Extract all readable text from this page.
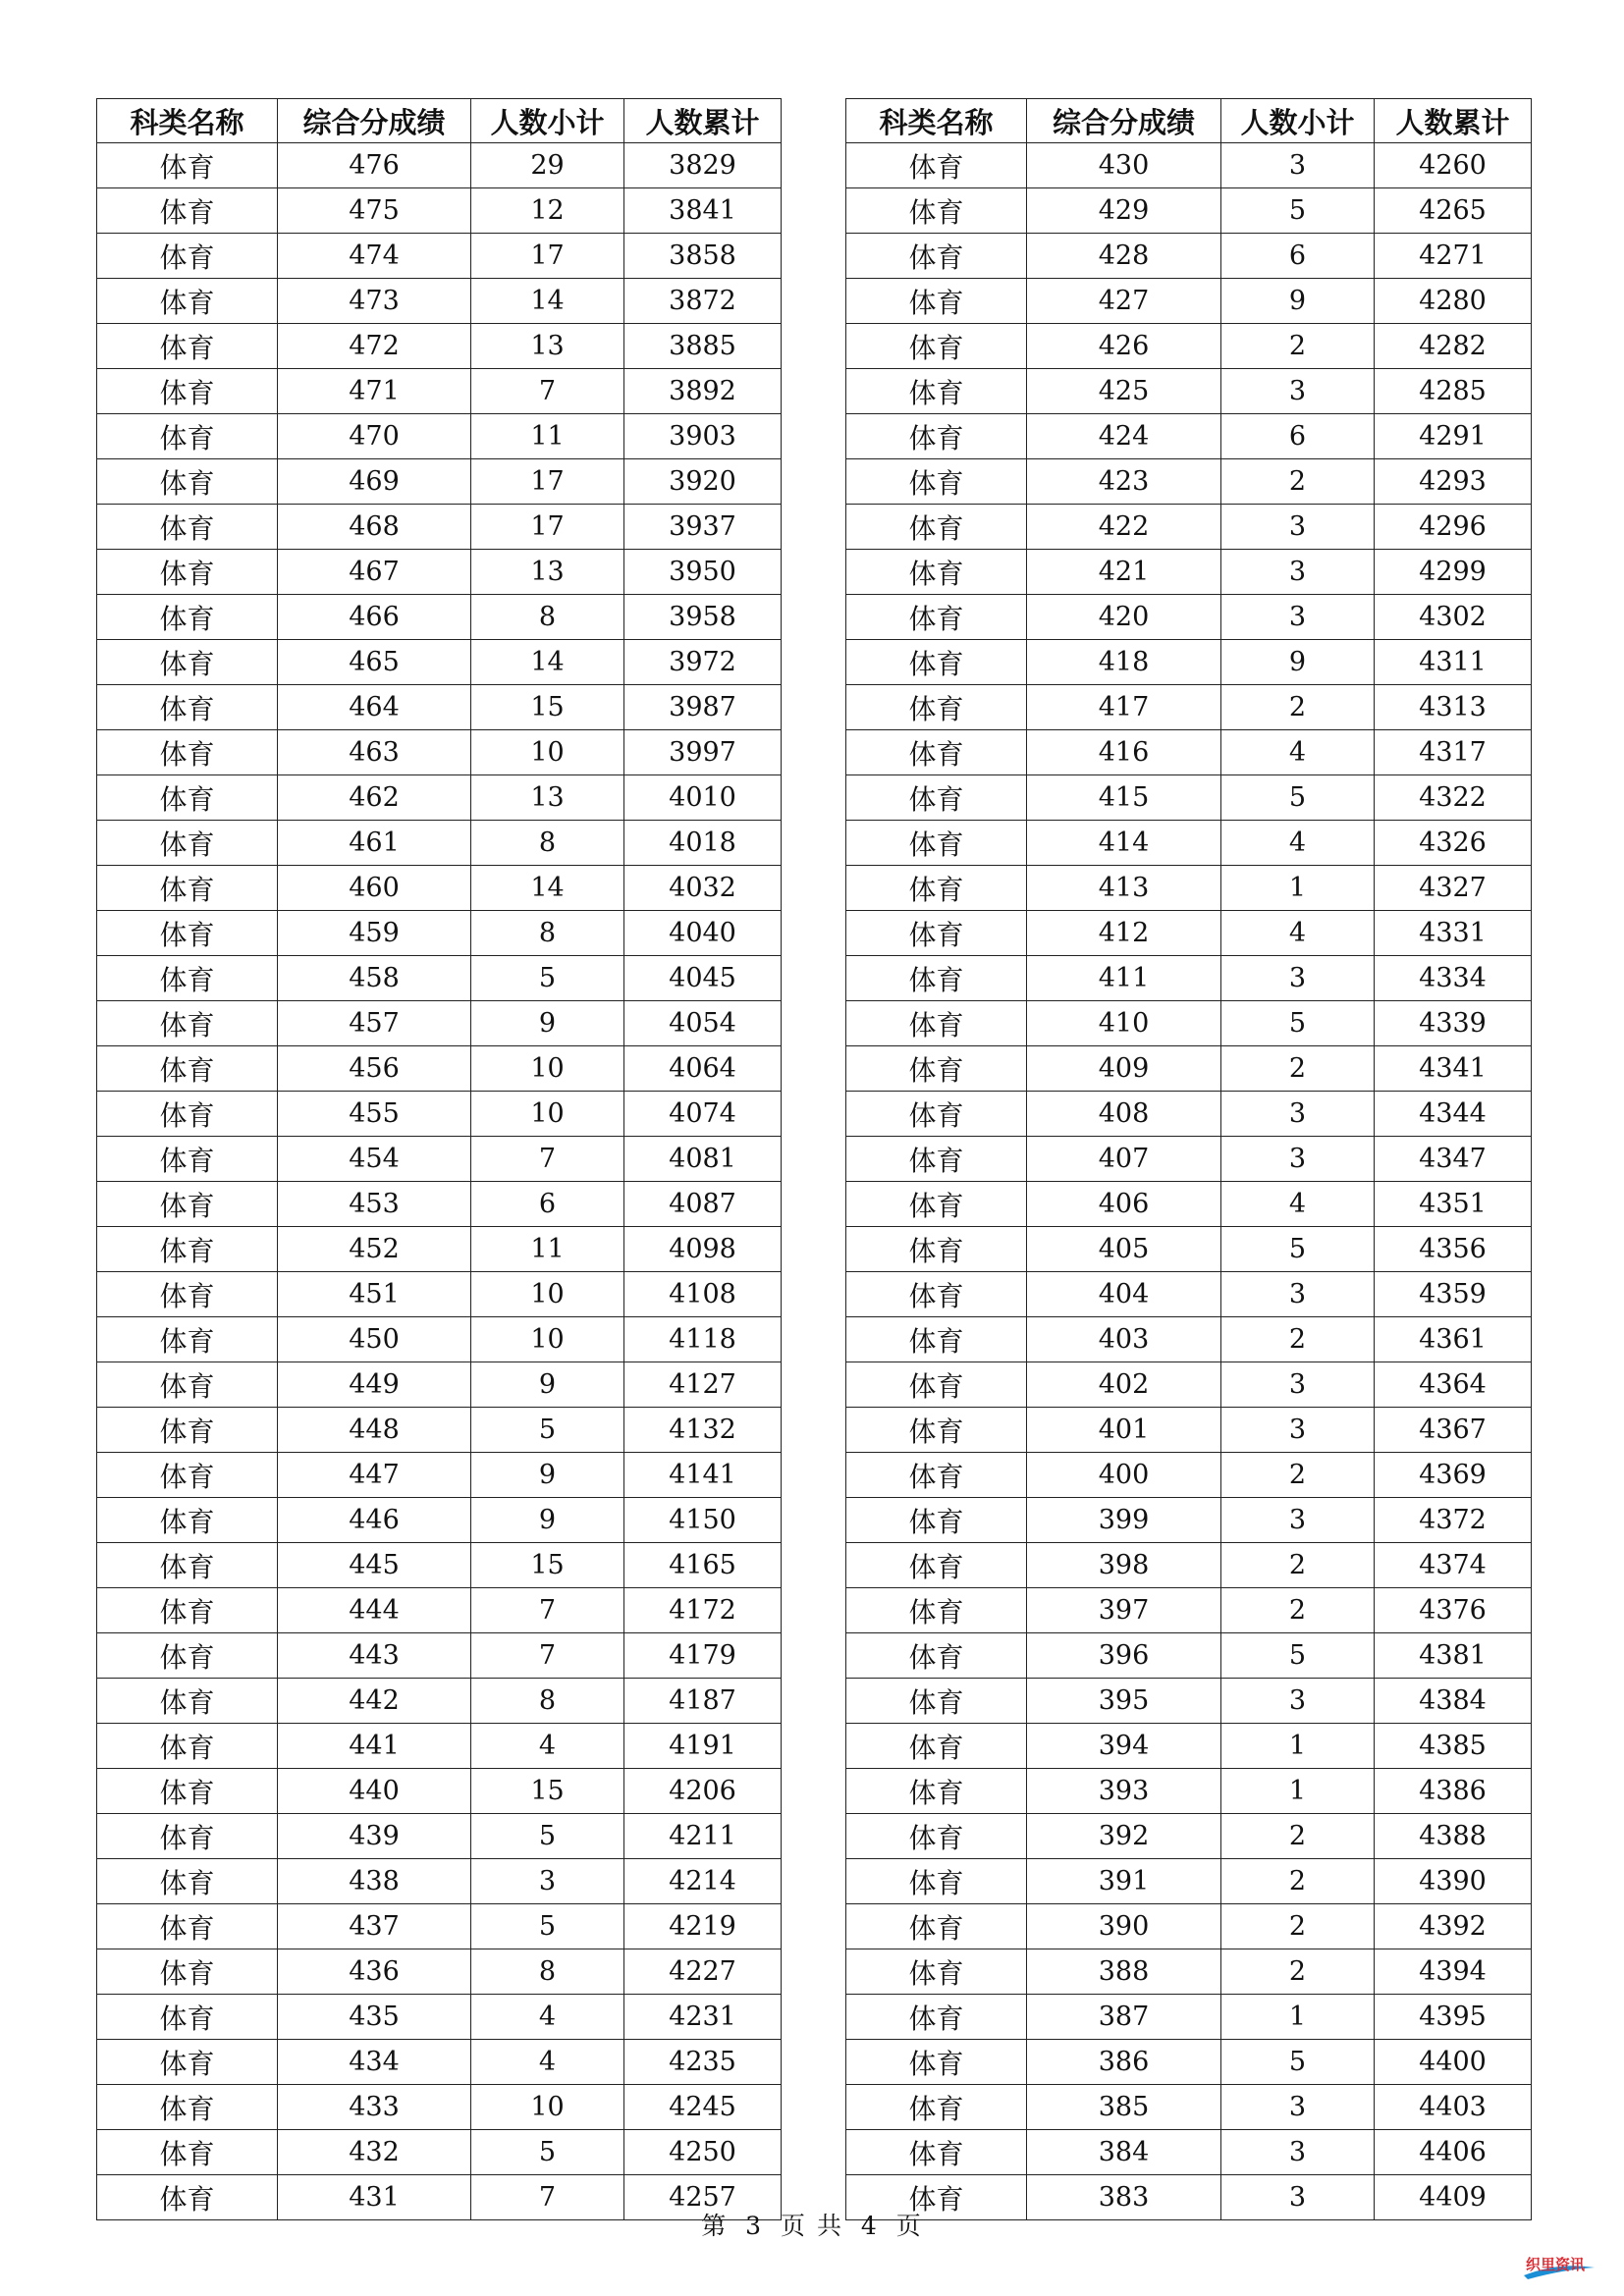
科类名称	综合分成绩	人数小计	人数累计
体育	476	29	3829
体育	475	12	3841
体育	474	17	3858
体育	473	14	3872
体育	472	13	3885
体育	471	7	3892
体育	470	11	3903
体育	469	17	3920
体育	468	17	3937
体育	467	13	3950
体育	466	8	3958
体育	465	14	3972
体育	464	15	3987
体育	463	10	3997
体育	462	13	4010
体育	461	8	4018
体育	460	14	4032
体育	459	8	4040
体育	458	5	4045
体育	457	9	4054
体育	456	10	4064
体育	455	10	4074
体育	454	7	4081
体育	453	6	4087
体育	452	11	4098
体育	451	10	4108
体育	450	10	4118
体育	449	9	4127
体育	448	5	4132
体育	447	9	4141
体育	446	9	4150
体育	445	15	4165
体育	444	7	4172
体育	443	7	4179
体育	442	8	4187
体育	441	4	4191
体育	440	15	4206
体育	439	5	4211
体育	438	3	4214
体育	437	5	4219
体育	436	8	4227
体育	435	4	4231
体育	434	4	4235
体育	433	10	4245
体育	432	5	4250
体育	431	7	4257
科类名称	综合分成绩	人数小计	人数累计
体育	430	3	4260
体育	429	5	4265
体育	428	6	4271
体育	427	9	4280
体育	426	2	4282
体育	425	3	4285
体育	424	6	4291
体育	423	2	4293
体育	422	3	4296
体育	421	3	4299
体育	420	3	4302
体育	418	9	4311
体育	417	2	4313
体育	416	4	4317
体育	415	5	4322
体育	414	4	4326
体育	413	1	4327
体育	412	4	4331
体育	411	3	4334
体育	410	5	4339
体育	409	2	4341
体育	408	3	4344
体育	407	3	4347
体育	406	4	4351
体育	405	5	4356
体育	404	3	4359
体育	403	2	4361
体育	402	3	4364
体育	401	3	4367
体育	400	2	4369
体育	399	3	4372
体育	398	2	4374
体育	397	2	4376
体育	396	5	4381
体育	395	3	4384
体育	394	1	4385
体育	393	1	4386
体育	392	2	4388
体育	391	2	4390
体育	390	2	4392
体育	388	2	4394
体育	387	1	4395
体育	386	5	4400
体育	385	3	4403
体育	384	3	4406
体育	383	3	4409
第 3 页 共 4 页
织里资讯
